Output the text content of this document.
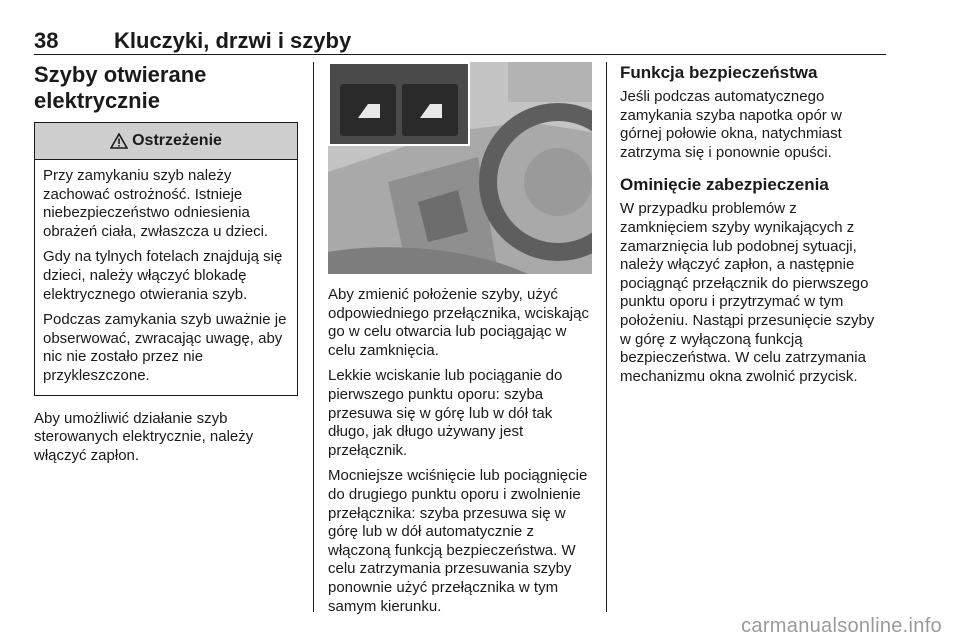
38	Kluczyki, drzwi i szyby
Szyby otwierane
elektrycznie
Ostrzeżenie

Przy zamykaniu szyb należy zachować ostrożność. Istnieje niebezpieczeństwo odniesienia obrażeń ciała, zwłaszcza u dzieci.

Gdy na tylnych fotelach znajdują się dzieci, należy włączyć blokadę elektrycznego otwierania szyb.

Podczas zamykania szyb uważnie je obserwować, zwracając uwagę, aby nic nie zostało przez nie przykleszczone.

Aby umożliwić działanie szyb sterowanych elektrycznie, należy włączyć zapłon.

Aby zmienić położenie szyby, użyć odpowiedniego przełącznika, wciskając go w celu otwarcia lub pociągając w celu zamknięcia.

Lekkie wciskanie lub pociąganie do pierwszego punktu oporu: szyba przesuwa się w górę lub w dół tak długo, jak długo używany jest przełącznik.

Mocniejsze wciśnięcie lub pociągnięcie do drugiego punktu oporu i zwolnienie przełącznika: szyba przesuwa się w górę lub w dół automatycznie z włączoną funkcją bezpieczeństwa. W celu zatrzymania przesuwania szyby ponownie użyć przełącznika w tym samym kierunku.

Funkcja bezpieczeństwa

Jeśli podczas automatycznego zamykania szyba napotka opór w górnej połowie okna, natychmiast zatrzyma się i ponownie opuści.

Ominięcie zabezpieczenia

W przypadku problemów z zamknięciem szyby wynikających z zamarznięcia lub podobnej sytuacji, należy włączyć zapłon, a następnie pociągnąć przełącznik do pierwszego punktu oporu i przytrzymać w tym położeniu. Nastąpi przesunięcie szyby w górę z wyłączoną funkcją bezpieczeństwa. W celu zatrzymania mechanizmu okna zwolnić przycisk.

carmanualsonline.info
